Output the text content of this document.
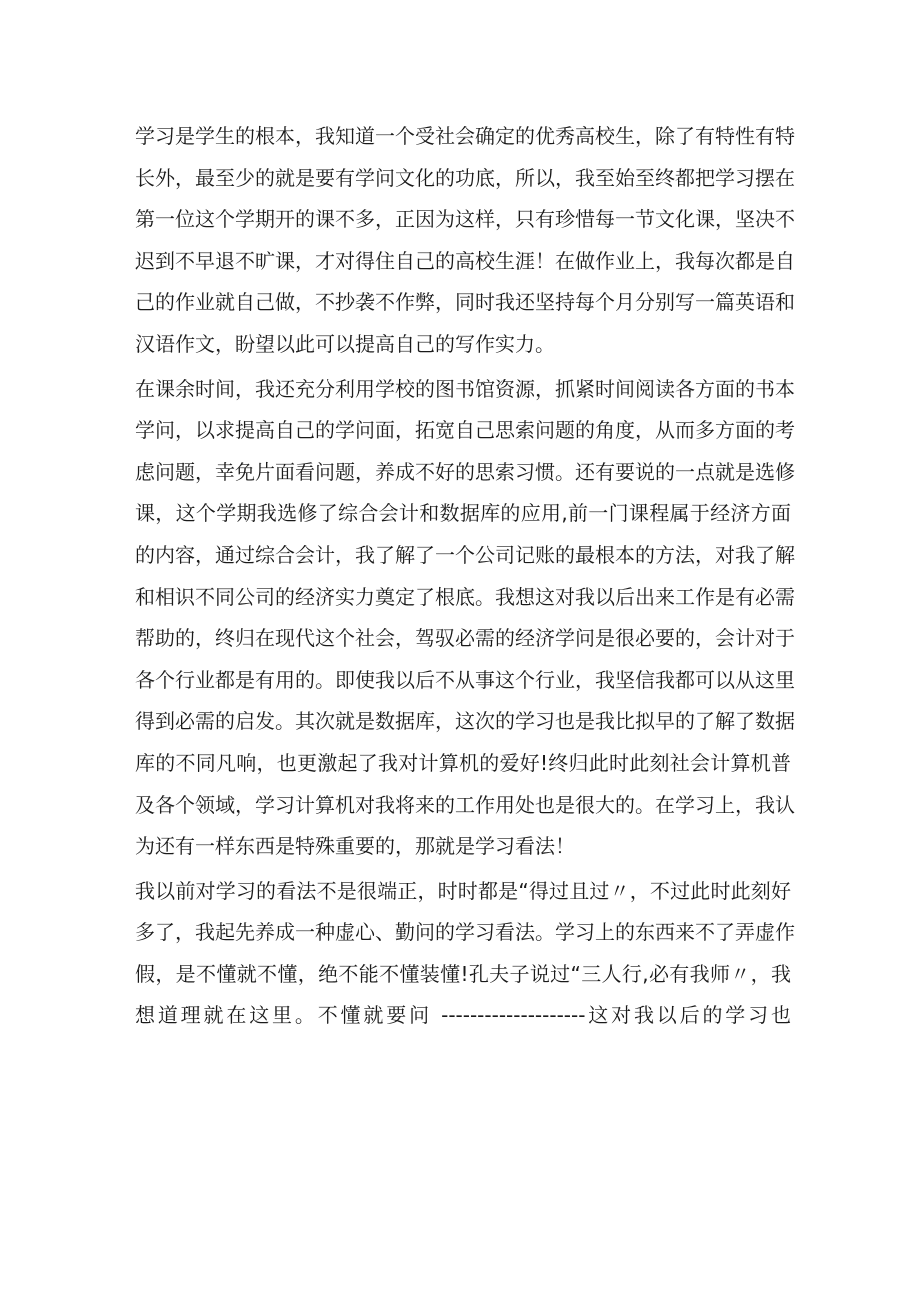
学习是学生的根本，我知道一个受社会确定的优秀高校生，除了有特性有特
长外，最至少的就是要有学问文化的功底，所以，我至始至终都把学习摆在
第一位这个学期开的课不多，正因为这样，只有珍惜每一节文化课，坚决不
迟到不早退不旷课，才对得住自己的高校生涯！在做作业上，我每次都是自
己的作业就自己做，不抄袭不作弊，同时我还坚持每个月分别写一篇英语和
汉语作文，盼望以此可以提高自己的写作实力。
在课余时间，我还充分利用学校的图书馆资源，抓紧时间阅读各方面的书本
学问，以求提高自己的学问面，拓宽自己思索问题的角度，从而多方面的考
虑问题，幸免片面看问题，养成不好的思索习惯。还有要说的一点就是选修
课，这个学期我选修了综合会计和数据库的应用,前一门课程属于经济方面
的内容，通过综合会计，我了解了一个公司记账的最根本的方法，对我了解
和相识不同公司的经济实力奠定了根底。我想这对我以后出来工作是有必需
帮助的，终归在现代这个社会，驾驭必需的经济学问是很必要的，会计对于
各个行业都是有用的。即使我以后不从事这个行业，我坚信我都可以从这里
得到必需的启发。其次就是数据库，这次的学习也是我比拟早的了解了数据
库的不同凡响，也更激起了我对计算机的爱好!终归此时此刻社会计算机普
及各个领域，学习计算机对我将来的工作用处也是很大的。在学习上，我认
为还有一样东西是特殊重要的，那就是学习看法！
我以前对学习的看法不是很端正，时时都是“得过且过〃，不过此时此刻好
多了，我起先养成一种虚心、勤问的学习看法。学习上的东西来不了弄虚作
假，是不懂就不懂，绝不能不懂装懂!孔夫子说过“三人行,必有我师〃，我
想道理就在这里。不懂就要问 --------------------这对我以后的学习也
